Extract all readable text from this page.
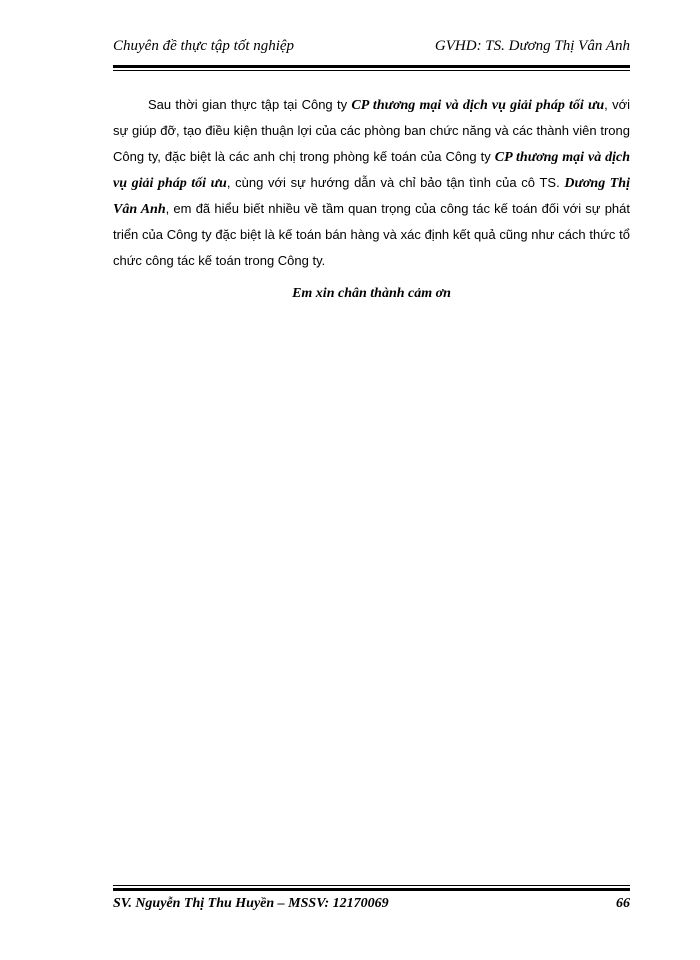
Chuyên đề thực tập tốt nghiệp	GVHD: TS. Dương Thị Vân Anh

Sau thời gian thực tập tại Công ty CP thương mại và dịch vụ giải pháp tối ưu, với sự giúp đỡ, tạo điều kiện thuận lợi của các phòng ban chức năng và các thành viên trong Công ty, đặc biệt là các anh chị trong phòng kế toán của Công ty CP thương mại và dịch vụ giải pháp tối ưu, cùng với sự hướng dẫn và chỉ bảo tận tình của cô TS. Dương Thị Vân Anh, em đã hiểu biết nhiều về tầm quan trọng của công tác kế toán đối với sự phát triển của Công ty đặc biệt là kế toán bán hàng và xác định kết quả cũng như cách thức tổ chức công tác kế toán trong Công ty.

Em xin chân thành cảm ơn
SV. Nguyễn Thị Thu Huyền – MSSV: 12170069	66
